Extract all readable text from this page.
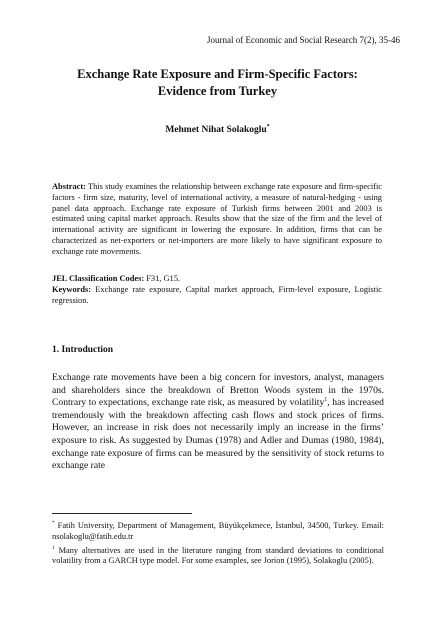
Journal of Economic and Social Research 7(2), 35-46
Exchange Rate Exposure and Firm-Specific Factors:
Evidence from Turkey
Mehmet Nihat Solakoglu*
Abstract: This study examines the relationship between exchange rate exposure and firm-specific factors - firm size, maturity, level of international activity, a measure of natural-hedging - using panel data approach. Exchange rate exposure of Turkish firms between 2001 and 2003 is estimated using capital market approach. Results show that the size of the firm and the level of international activity are significant in lowering the exposure. In addition, firms that can be characterized as net-exporters or net-importers are more likely to have significant exposure to exchange rate movements.
JEL Classification Codes: F31, G15.
Keywords: Exchange rate exposure, Capital market approach, Firm-level exposure, Logistic regression.
1. Introduction
Exchange rate movements have been a big concern for investors, analyst, managers and shareholders since the breakdown of Bretton Woods system in the 1970s. Contrary to expectations, exchange rate risk, as measured by volatility$^1$, has increased tremendously with the breakdown affecting cash flows and stock prices of firms. However, an increase in risk does not necessarily imply an increase in the firms’ exposure to risk. As suggested by Dumas (1978) and Adler and Dumas (1980, 1984), exchange rate exposure of firms can be measured by the sensitivity of stock returns to exchange rate

* Fatih University, Department of Management, Büyükçekmece, İstanbul, 34500, Turkey. Email: nsolakoglu@fatih.edu.tr

$^1$ Many alternatives are used in the literature ranging from standard deviations to conditional volatility from a GARCH type model. For some examples, see Jorion (1995), Solakoglu (2005).
